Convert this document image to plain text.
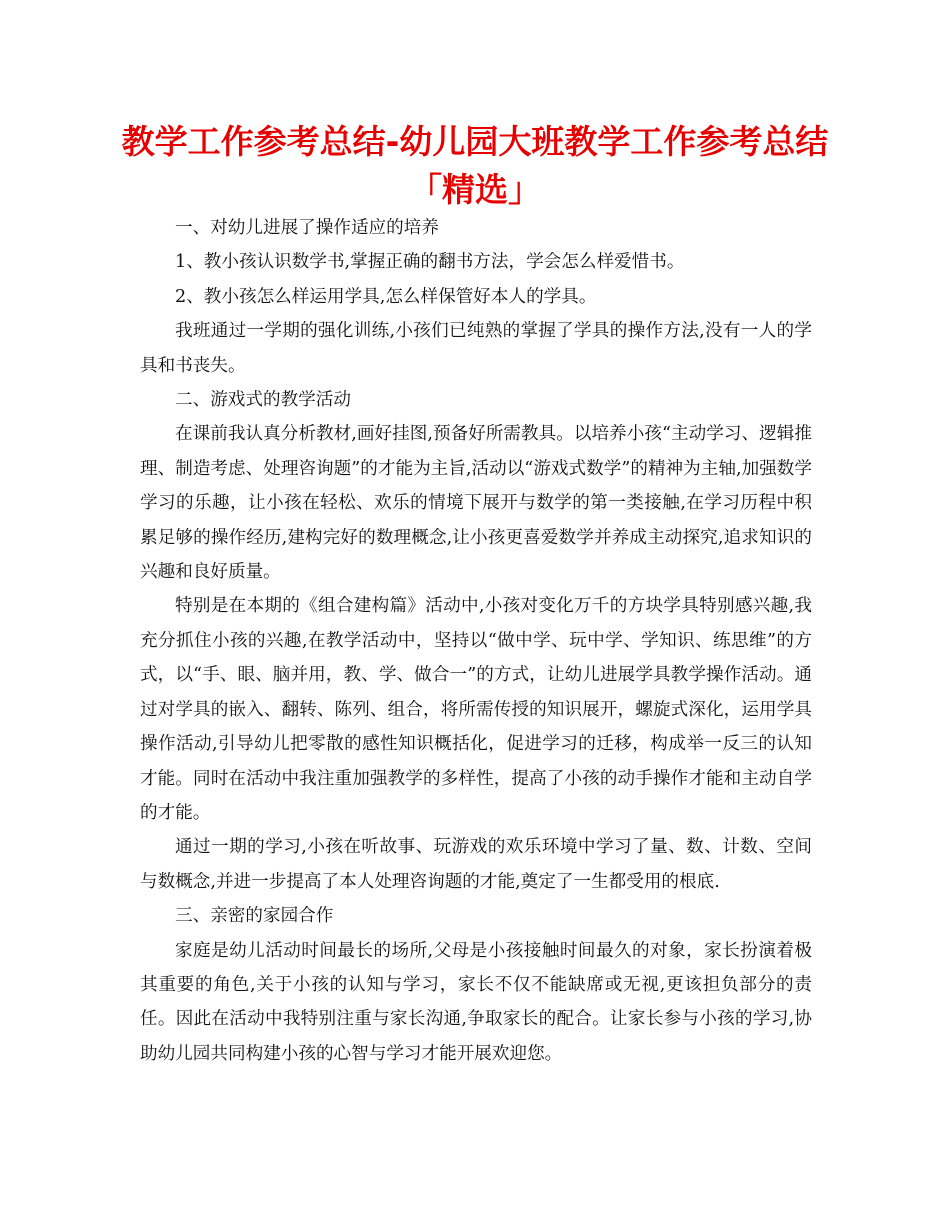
教学工作参考总结-幼儿园大班教学工作参考总结「精选」

一、对幼儿进展了操作适应的培养

1、教小孩认识数学书,掌握正确的翻书方法，学会怎么样爱惜书。

2、教小孩怎么样运用学具,怎么样保管好本人的学具。

我班通过一学期的强化训练,小孩们已纯熟的掌握了学具的操作方法,没有一人的学具和书丧失。

二、游戏式的教学活动

在课前我认真分析教材,画好挂图,预备好所需教具。以培养小孩“主动学习、逻辑推理、制造考虑、处理咨询题”的才能为主旨,活动以“游戏式数学”的精神为主轴,加强数学学习的乐趣，让小孩在轻松、欢乐的情境下展开与数学的第一类接触,在学习历程中积累足够的操作经历,建构完好的数理概念,让小孩更喜爱数学并养成主动探究,追求知识的兴趣和良好质量。

特别是在本期的《组合建构篇》活动中,小孩对变化万千的方块学具特别感兴趣,我充分抓住小孩的兴趣,在教学活动中，坚持以“做中学、玩中学、学知识、练思维”的方式，以“手、眼、脑并用，教、学、做合一”的方式，让幼儿进展学具教学操作活动。通过对学具的嵌入、翻转、陈列、组合，将所需传授的知识展开，螺旋式深化，运用学具操作活动,引导幼儿把零散的感性知识概括化，促进学习的迁移，构成举一反三的认知才能。同时在活动中我注重加强教学的多样性，提高了小孩的动手操作才能和主动自学的才能。

通过一期的学习,小孩在听故事、玩游戏的欢乐环境中学习了量、数、计数、空间与数概念,并进一步提高了本人处理咨询题的才能,奠定了一生都受用的根底.

三、亲密的家园合作

家庭是幼儿活动时间最长的场所,父母是小孩接触时间最久的对象，家长扮演着极其重要的角色,关于小孩的认知与学习，家长不仅不能缺席或无视,更该担负部分的责任。因此在活动中我特别注重与家长沟通,争取家长的配合。让家长参与小孩的学习,协助幼儿园共同构建小孩的心智与学习才能开展欢迎您。
